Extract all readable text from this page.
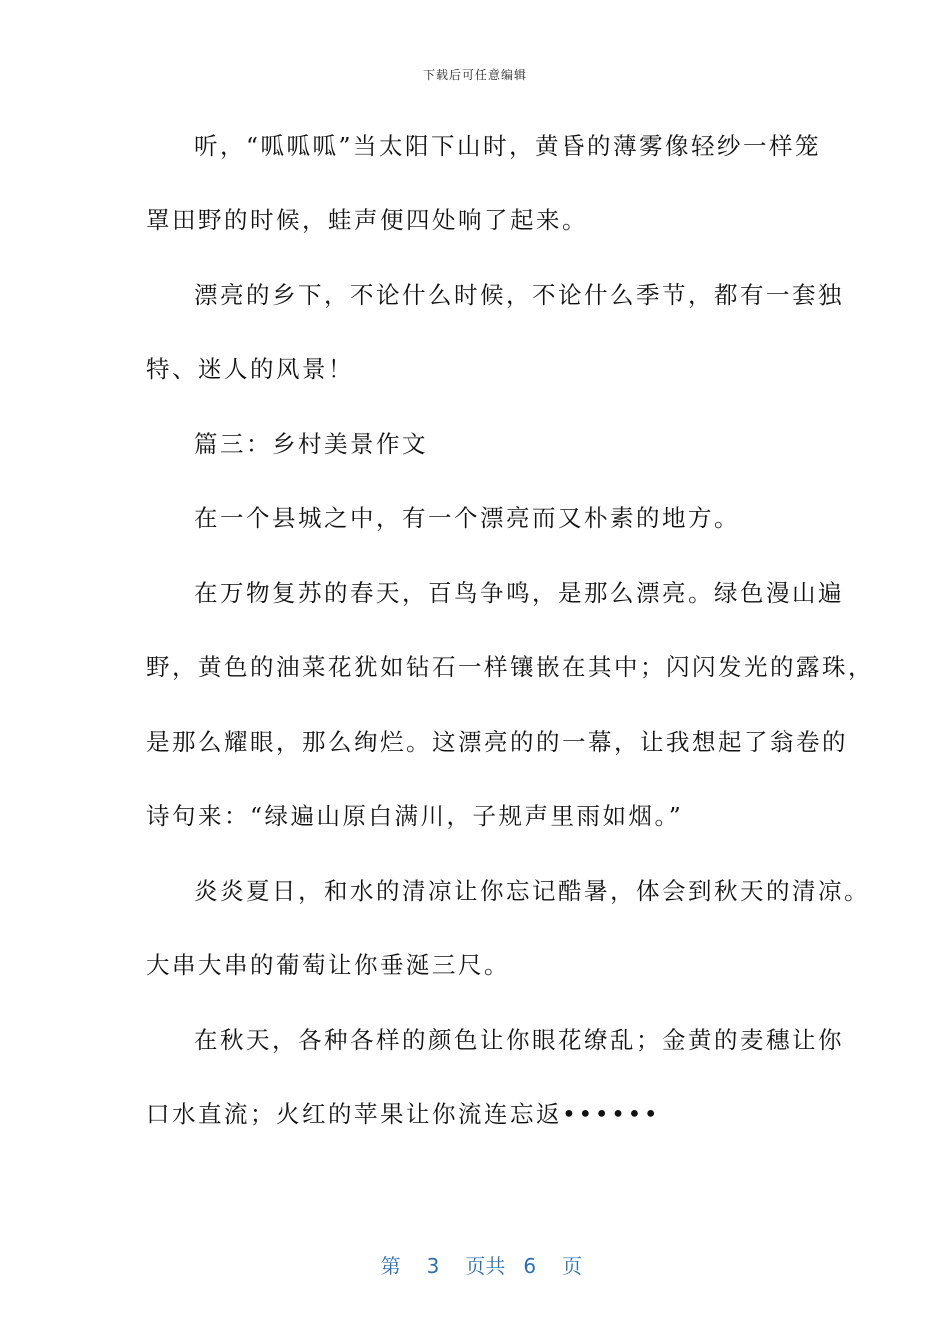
下载后可任意编辑
听，“呱呱呱”当太阳下山时，黄昏的薄雾像轻纱一样笼
罩田野的时候，蛙声便四处响了起来。
漂亮的乡下，不论什么时候，不论什么季节，都有一套独
特、迷人的风景！
篇三：乡村美景作文
在一个县城之中，有一个漂亮而又朴素的地方。
在万物复苏的春天，百鸟争鸣，是那么漂亮。绿色漫山遍
野，黄色的油菜花犹如钻石一样镶嵌在其中；闪闪发光的露珠，
是那么耀眼，那么绚烂。这漂亮的的一幕，让我想起了翁卷的
诗句来：“绿遍山原白满川，子规声里雨如烟。”
炎炎夏日，和水的清凉让你忘记酷暑，体会到秋天的清凉。
大串大串的葡萄让你垂涎三尺。
在秋天，各种各样的颜色让你眼花缭乱；金黄的麦穗让你
口水直流；火红的苹果让你流连忘返••••••

第 3 页共 6 页
